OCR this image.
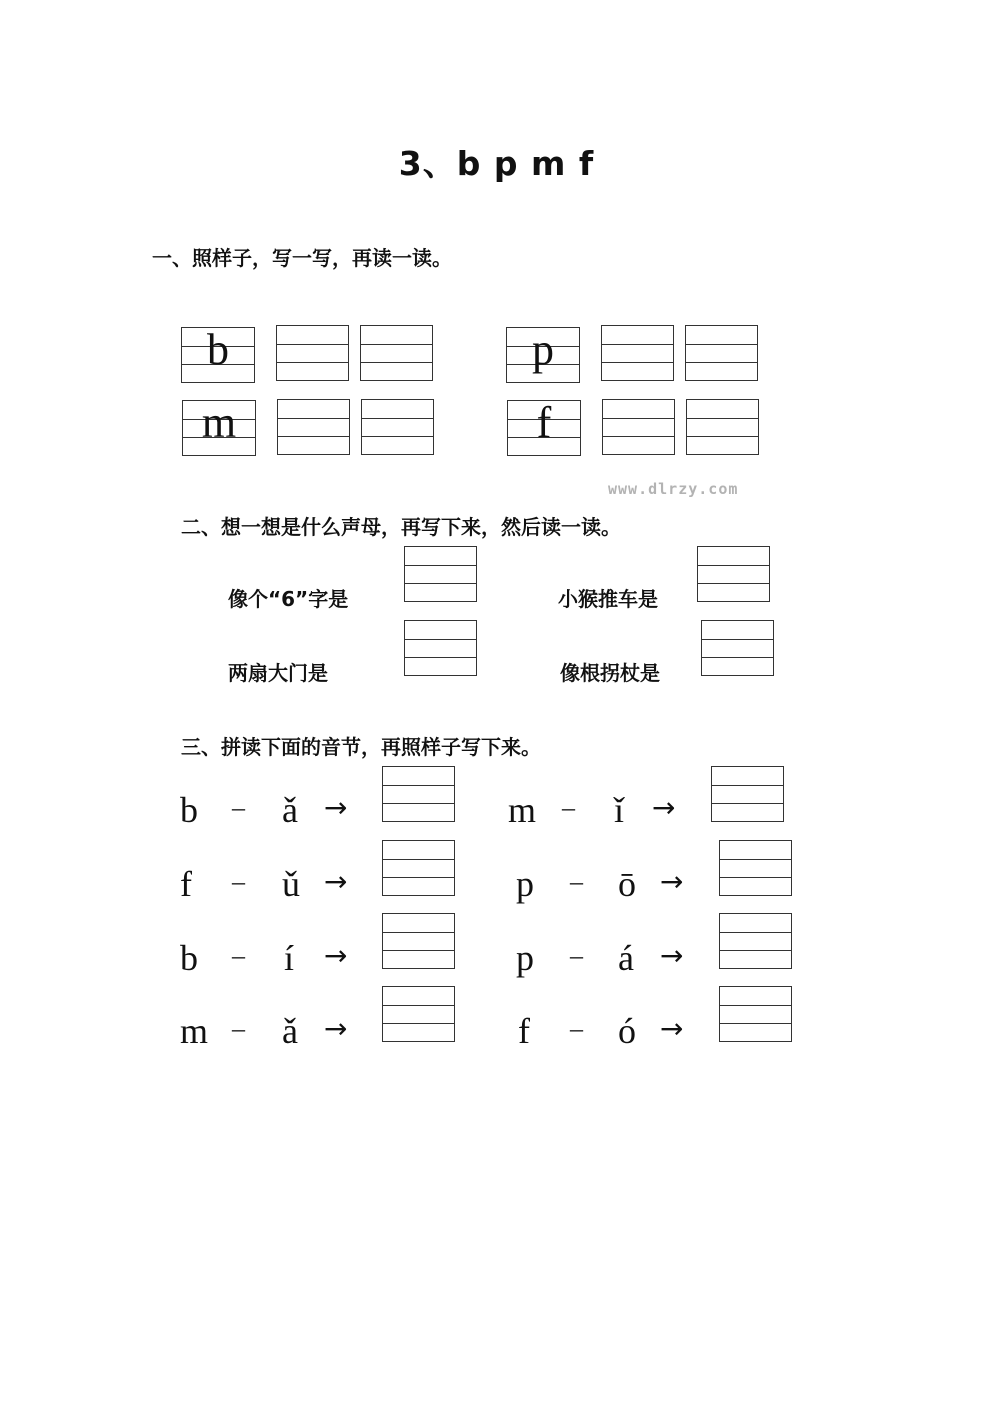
3、b p m f
一、照样子，写一写，再读一读。
b	p
m	f
www.dlrzy.com
二、想一想是什么声母，再写下来，然后读一读。
像个“6”字是	小猴推车是
两扇大门是	像根拐杖是
三、拼读下面的音节，再照样子写下来。
b – ǎ →	m – ǐ →
f – ǔ →	p – ō →
b – í →	p – á →
m – ǎ →	f – ó →
